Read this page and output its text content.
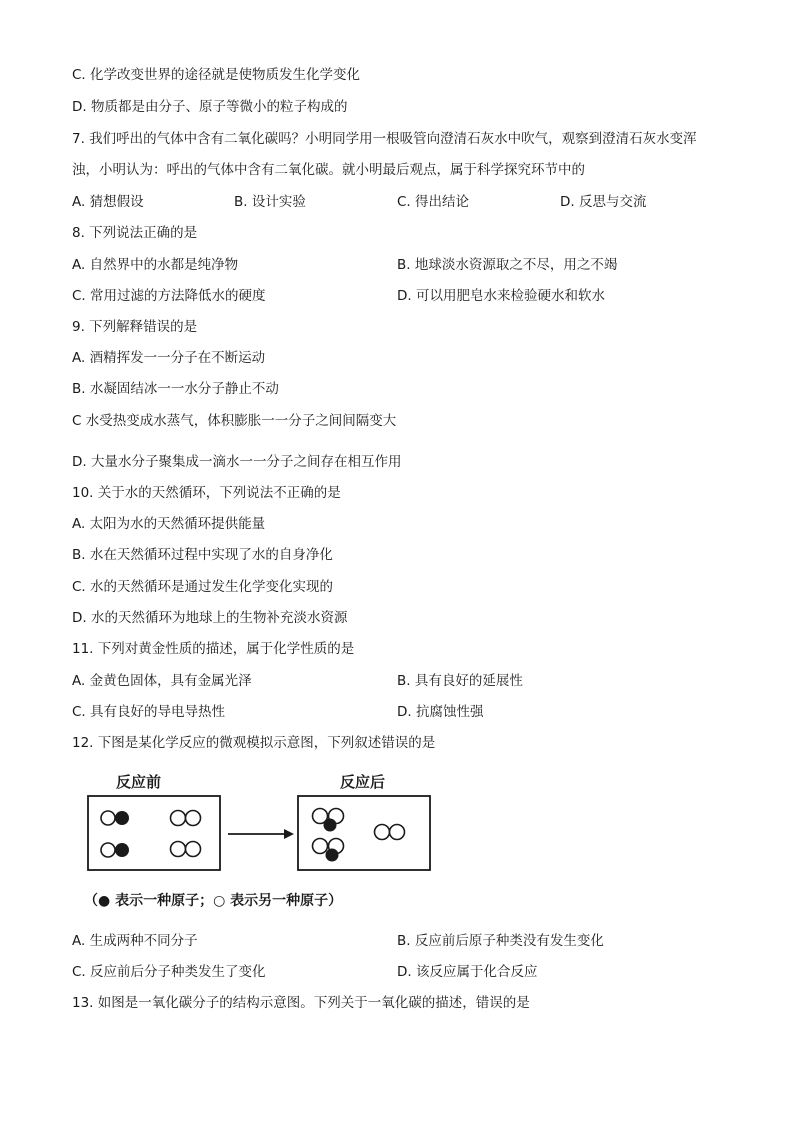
C. 化学改变世界的途径就是使物质发生化学变化
D. 物质都是由分子、原子等微小的粒子构成的
7. 我们呼出的气体中含有二氧化碳吗？小明同学用一根吸管向澄清石灰水中吹气，观察到澄清石灰水变浑
浊，小明认为：呼出的气体中含有二氧化碳。就小明最后观点，属于科学探究环节中的
A. 猜想假设	B. 设计实验	C. 得出结论	D. 反思与交流
8. 下列说法正确的是
A. 自然界中的水都是纯净物	B. 地球淡水资源取之不尽，用之不竭
C. 常用过滤的方法降低水的硬度	D. 可以用肥皂水来检验硬水和软水
9. 下列解释错误的是
A. 酒精挥发一一分子在不断运动
B. 水凝固结冰一一水分子静止不动
C 水受热变成水蒸气，体积膨胀一一分子之间间隔变大
D. 大量水分子聚集成一滴水一一分子之间存在相互作用
10. 关于水的天然循环，下列说法不正确的是
A. 太阳为水的天然循环提供能量
B. 水在天然循环过程中实现了水的自身净化
C. 水的天然循环是通过发生化学变化实现的
D. 水的天然循环为地球上的生物补充淡水资源
11. 下列对黄金性质的描述，属于化学性质的是
A. 金黄色固体，具有金属光泽	B. 具有良好的延展性
C. 具有良好的导电导热性	D. 抗腐蚀性强
12. 下图是某化学反应的微观模拟示意图，下列叙述错误的是
反应前	反应后
（● 表示一种原子；○ 表示另一种原子）
A. 生成两种不同分子	B. 反应前后原子种类没有发生变化
C. 反应前后分子种类发生了变化	D. 该反应属于化合反应
13. 如图是一氧化碳分子的结构示意图。下列关于一氧化碳的描述，错误的是
